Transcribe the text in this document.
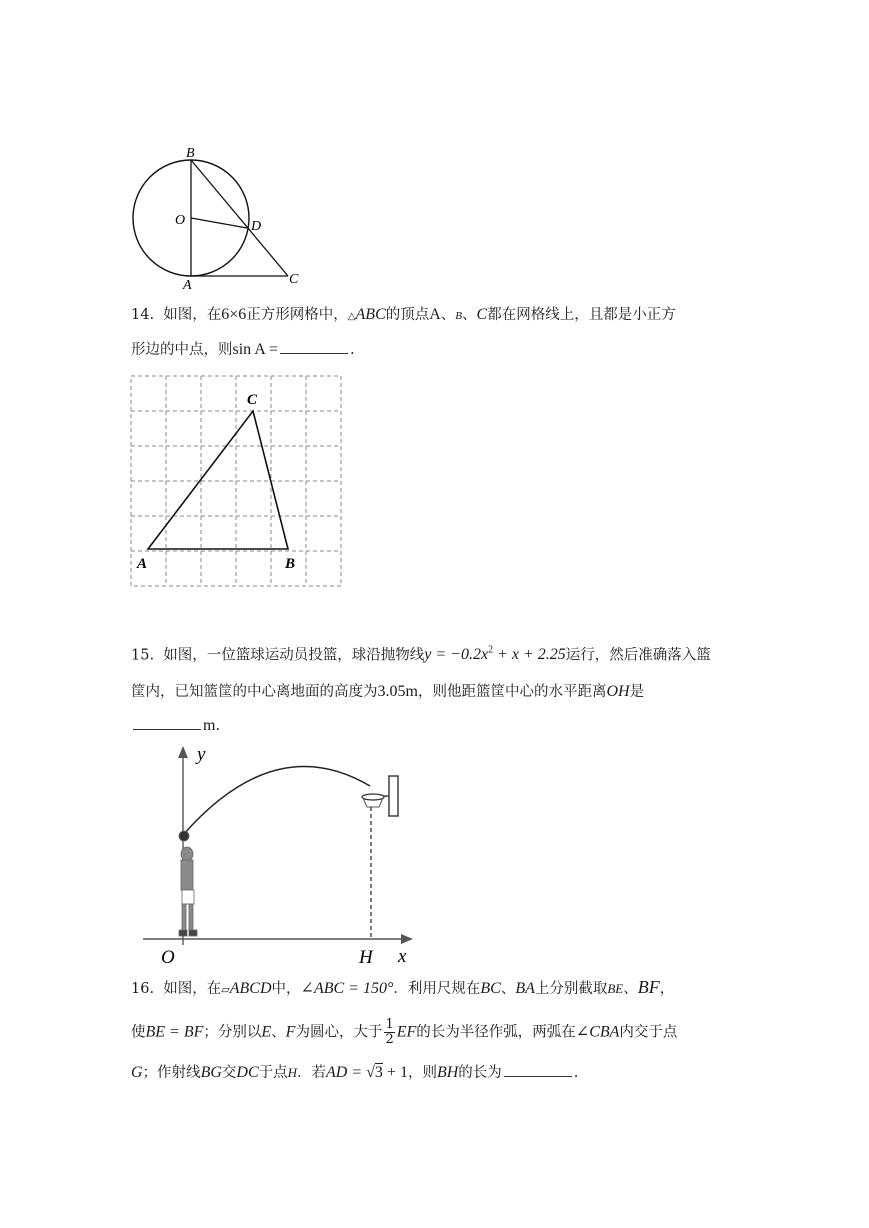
B
O	D
A	C
14. 如图，在6×6正方形网格中，△ABC的顶点A、B、C都在网格线上，且都是小正方
形边的中点，则sin A =	.
C
A	B
15. 如图，一位篮球运动员投篮，球沿抛物线$y = -0.2x^2 + x + 2.25$运行，然后准确落入篮
筐内，已知篮筐的中心离地面的高度为3.05m，则他距篮筐中心的水平距离OH是
m.
y
O	H x
16. 如图，在▱ABCD中，∠ABC = 150°．利用尺规在BC、BA上分别截取BE、BF，
使BE = BF；分别以E、F为圆心，大于 $\frac{1}{2}$ EF的长为半径作弧，两弧在∠CBA内交于点
G；作射线BG交DC于点H．若AD = √3 + 1，则BH的长为	.
